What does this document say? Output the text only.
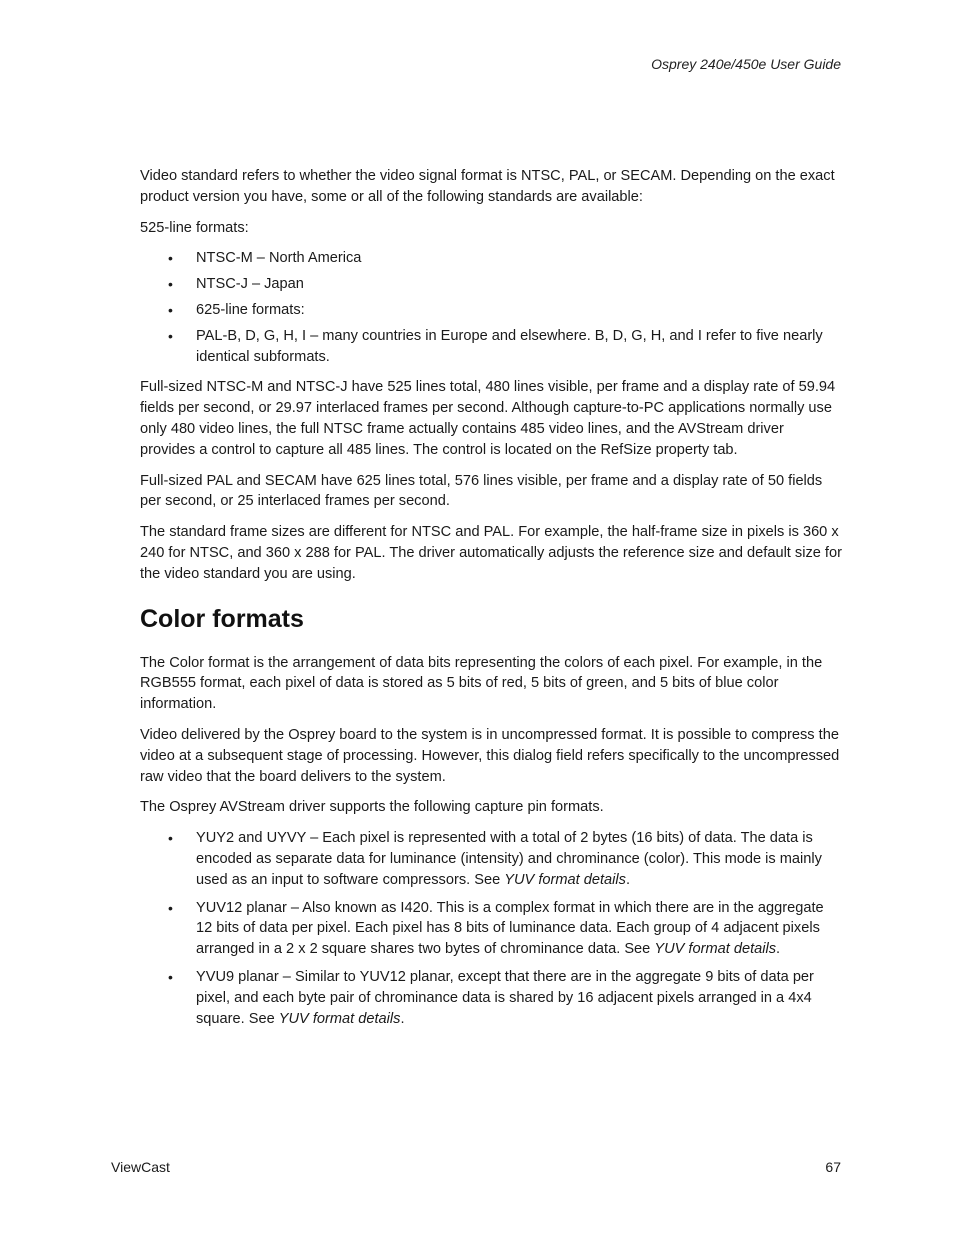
Osprey 240e/450e User Guide

Video standard refers to whether the video signal format is NTSC, PAL, or SECAM. Depending on the exact product version you have, some or all of the following standards are available:

525-line formats:

• NTSC-M – North America
• NTSC-J – Japan
• 625-line formats:
• PAL-B, D, G, H, I – many countries in Europe and elsewhere. B, D, G, H, and I refer to five nearly identical subformats.

Full-sized NTSC-M and NTSC-J have 525 lines total, 480 lines visible, per frame and a display rate of 59.94 fields per second, or 29.97 interlaced frames per second. Although capture-to-PC applications normally use only 480 video lines, the full NTSC frame actually contains 485 video lines, and the AVStream driver provides a control to capture all 485 lines. The control is located on the RefSize property tab.

Full-sized PAL and SECAM have 625 lines total, 576 lines visible, per frame and a display rate of 50 fields per second, or 25 interlaced frames per second.

The standard frame sizes are different for NTSC and PAL. For example, the half-frame size in pixels is 360 x 240 for NTSC, and 360 x 288 for PAL. The driver automatically adjusts the reference size and default size for the video standard you are using.

Color formats

The Color format is the arrangement of data bits representing the colors of each pixel. For example, in the RGB555 format, each pixel of data is stored as 5 bits of red, 5 bits of green, and 5 bits of blue color information.

Video delivered by the Osprey board to the system is in uncompressed format. It is possible to compress the video at a subsequent stage of processing. However, this dialog field refers specifically to the uncompressed raw video that the board delivers to the system.

The Osprey AVStream driver supports the following capture pin formats.

• YUY2 and UYVY – Each pixel is represented with a total of 2 bytes (16 bits) of data. The data is encoded as separate data for luminance (intensity) and chrominance (color). This mode is mainly used as an input to software compressors. See YUV format details.
• YUV12 planar – Also known as I420. This is a complex format in which there are in the aggregate 12 bits of data per pixel. Each pixel has 8 bits of luminance data. Each group of 4 adjacent pixels arranged in a 2 x 2 square shares two bytes of chrominance data. See YUV format details.
• YVU9 planar – Similar to YUV12 planar, except that there are in the aggregate 9 bits of data per pixel, and each byte pair of chrominance data is shared by 16 adjacent pixels arranged in a 4x4 square. See YUV format details.
ViewCast	67
